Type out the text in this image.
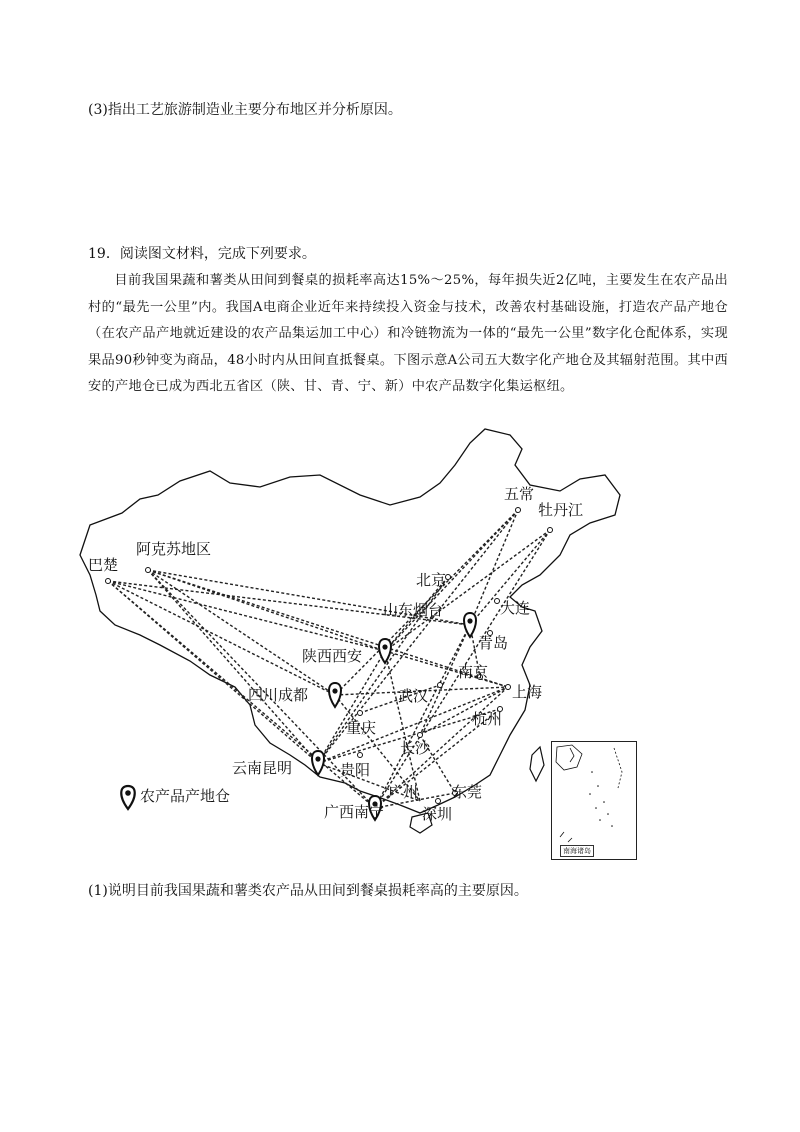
(3)指出工艺旅游制造业主要分布地区并分析原因。
19．阅读图文材料，完成下列要求。
目前我国果蔬和薯类从田间到餐桌的损耗率高达15%～25%，每年损失近2亿吨，主要发生在农产品出村的“最先一公里”内。我国A电商企业近年来持续投入资金与技术，改善农村基础设施，打造农产品产地仓（在农产品产地就近建设的农产品集运加工中心）和冷链物流为一体的“最先一公里”数字化仓配体系，实现果品90秒钟变为商品，48小时内从田间直抵餐桌。下图示意A公司五大数字化产地仓及其辐射范围。其中西安的产地仓已成为西北五省区（陕、甘、青、宁、新）中农产品数字化集运枢纽。
五常
牡丹江
巴楚
阿克苏地区
北京
山东烟台	大连
青岛
陕西西安
南京
上海
四川成都	武汉
杭州
重庆
长沙
云南昆明	贵阳
广州 东莞
广西南宁	深圳
农产品产地仓
南海诸岛
(1)说明目前我国果蔬和薯类农产品从田间到餐桌损耗率高的主要原因。
